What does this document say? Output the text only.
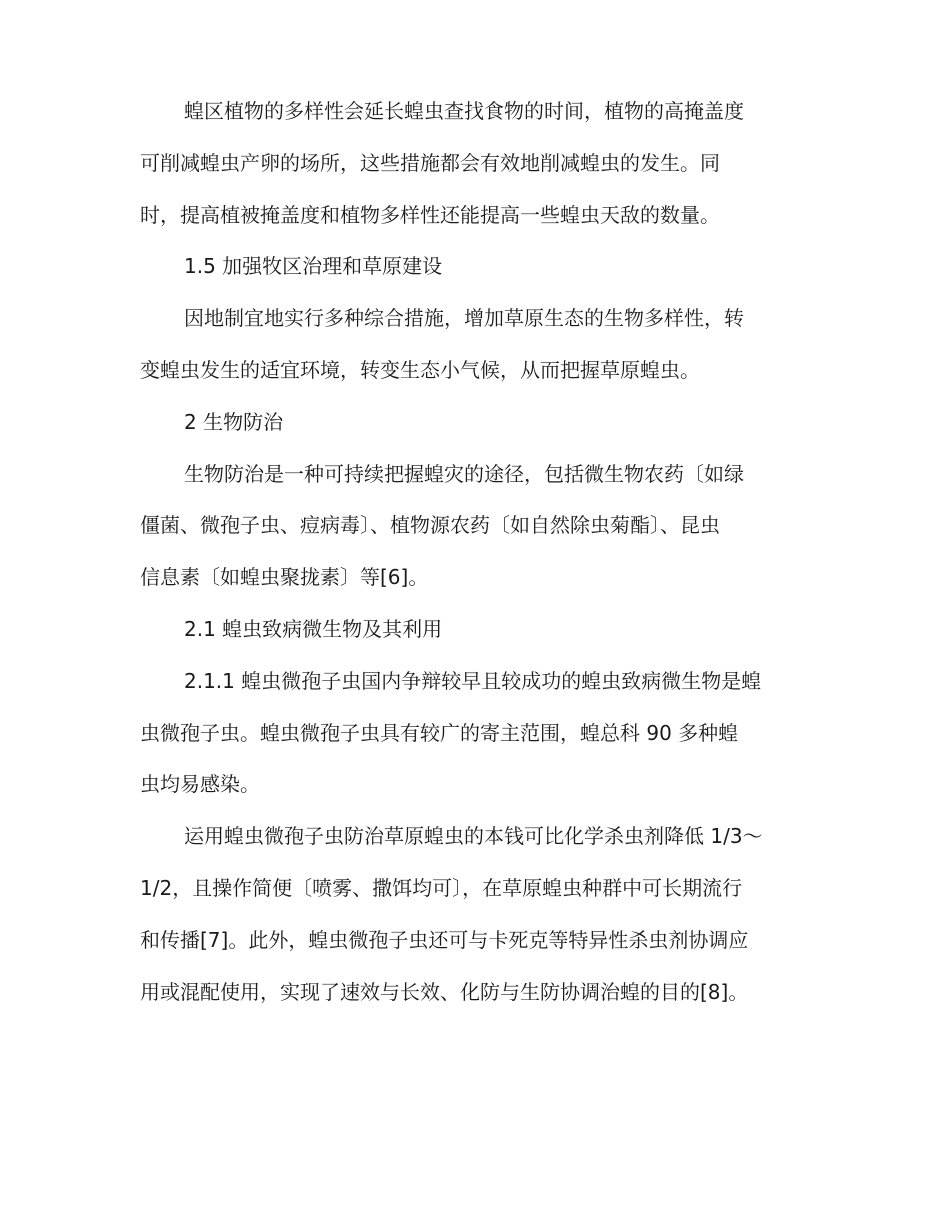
蝗区植物的多样性会延长蝗虫查找食物的时间，植物的高掩盖度
可削减蝗虫产卵的场所，这些措施都会有效地削减蝗虫的发生。同
时，提高植被掩盖度和植物多样性还能提高一些蝗虫天敌的数量。

1.5 加强牧区治理和草原建设

因地制宜地实行多种综合措施，增加草原生态的生物多样性，转
变蝗虫发生的适宜环境，转变生态小气候，从而把握草原蝗虫。

2 生物防治

生物防治是一种可持续把握蝗灾的途径，包括微生物农药〔如绿
僵菌、微孢子虫、痘病毒〕、植物源农药〔如自然除虫菊酯〕、昆虫
信息素〔如蝗虫聚拢素〕等[6]。

2.1 蝗虫致病微生物及其利用

2.1.1 蝗虫微孢子虫国内争辩较早且较成功的蝗虫致病微生物是蝗
虫微孢子虫。蝗虫微孢子虫具有较广的寄主范围，蝗总科 90 多种蝗
虫均易感染。

运用蝗虫微孢子虫防治草原蝗虫的本钱可比化学杀虫剂降低 1/3～
1/2，且操作简便〔喷雾、撒饵均可〕，在草原蝗虫种群中可长期流行
和传播[7]。此外，蝗虫微孢子虫还可与卡死克等特异性杀虫剂协调应
用或混配使用，实现了速效与长效、化防与生防协调治蝗的目的[8]。
